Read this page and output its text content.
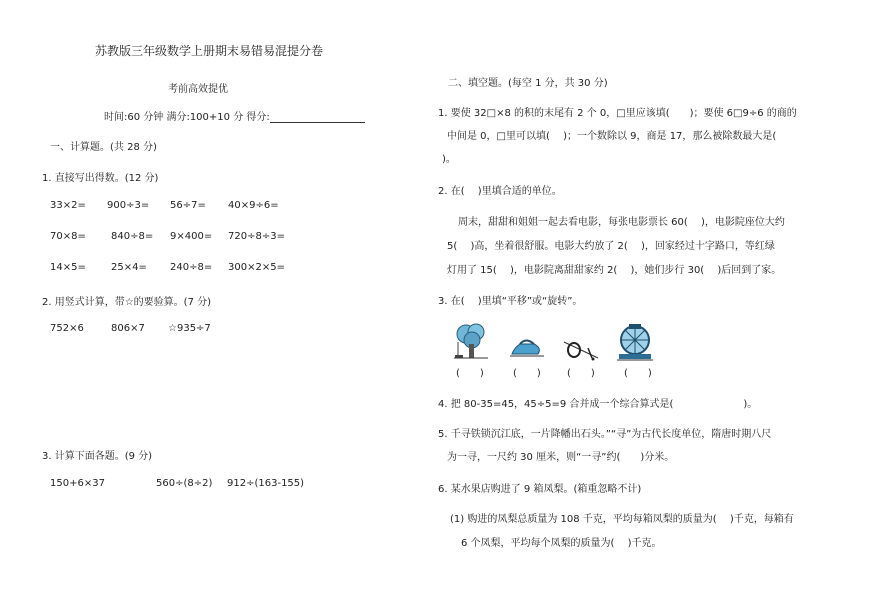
苏教版三年级数学上册期末易错易混提分卷
考前高效提优
时间:60 分钟 满分:100+10 分 得分:
一、计算题。(共 28 分)
1. 直接写出得数。(12 分)
33×2= 900÷3= 56÷7= 40×9÷6=
70×8=	840÷8= 9×400= 720÷8÷3=
14×5=	25×4= 240÷8= 300×2×5=
2. 用竖式计算，带☆的要验算。(7 分)
752×6	806×7 ☆935÷7
3. 计算下面各题。(9 分)
150+6×37	560÷(8÷2) 912÷(163-155)
二、填空题。(每空 1 分，共 30 分)
1. 要使 32□×8 的积的末尾有 2 个 0，□里应该填(　　)；要使 6□9÷6 的商的
中间是 0，□里可以填(　 )；一个数除以 9，商是 17，那么被除数最大是(
)。
2. 在(　 )里填合适的单位。
周末，甜甜和姐姐一起去看电影，每张电影票长 60(　 )，电影院座位大约
5(　 )高，坐着很舒服。电影大约放了 2(　 )，回家经过十字路口，等红绿
灯用了 15(　 )，电影院离甜甜家约 2(　 )，她们步行 30(　 )后回到了家。
3. 在(　 )里填“平移”或“旋转”。
(　　)	(　　)	(　　)	(　　)
4. 把 80-35=45，45÷5=9 合并成一个综合算式是(　　　　　　　)。
5. 千寻铁锁沉江底，一片降幡出石头。”“寻”为古代长度单位，隋唐时期八尺
为一寻，一尺约 30 厘米，则“一寻”约(　　)分米。
6. 某水果店购进了 9 箱凤梨。(箱重忽略不计)
(1) 购进的凤梨总质量为 108 千克，平均每箱凤梨的质量为(　 )千克，每箱有
6 个凤梨，平均每个凤梨的质量为(　 )千克。
